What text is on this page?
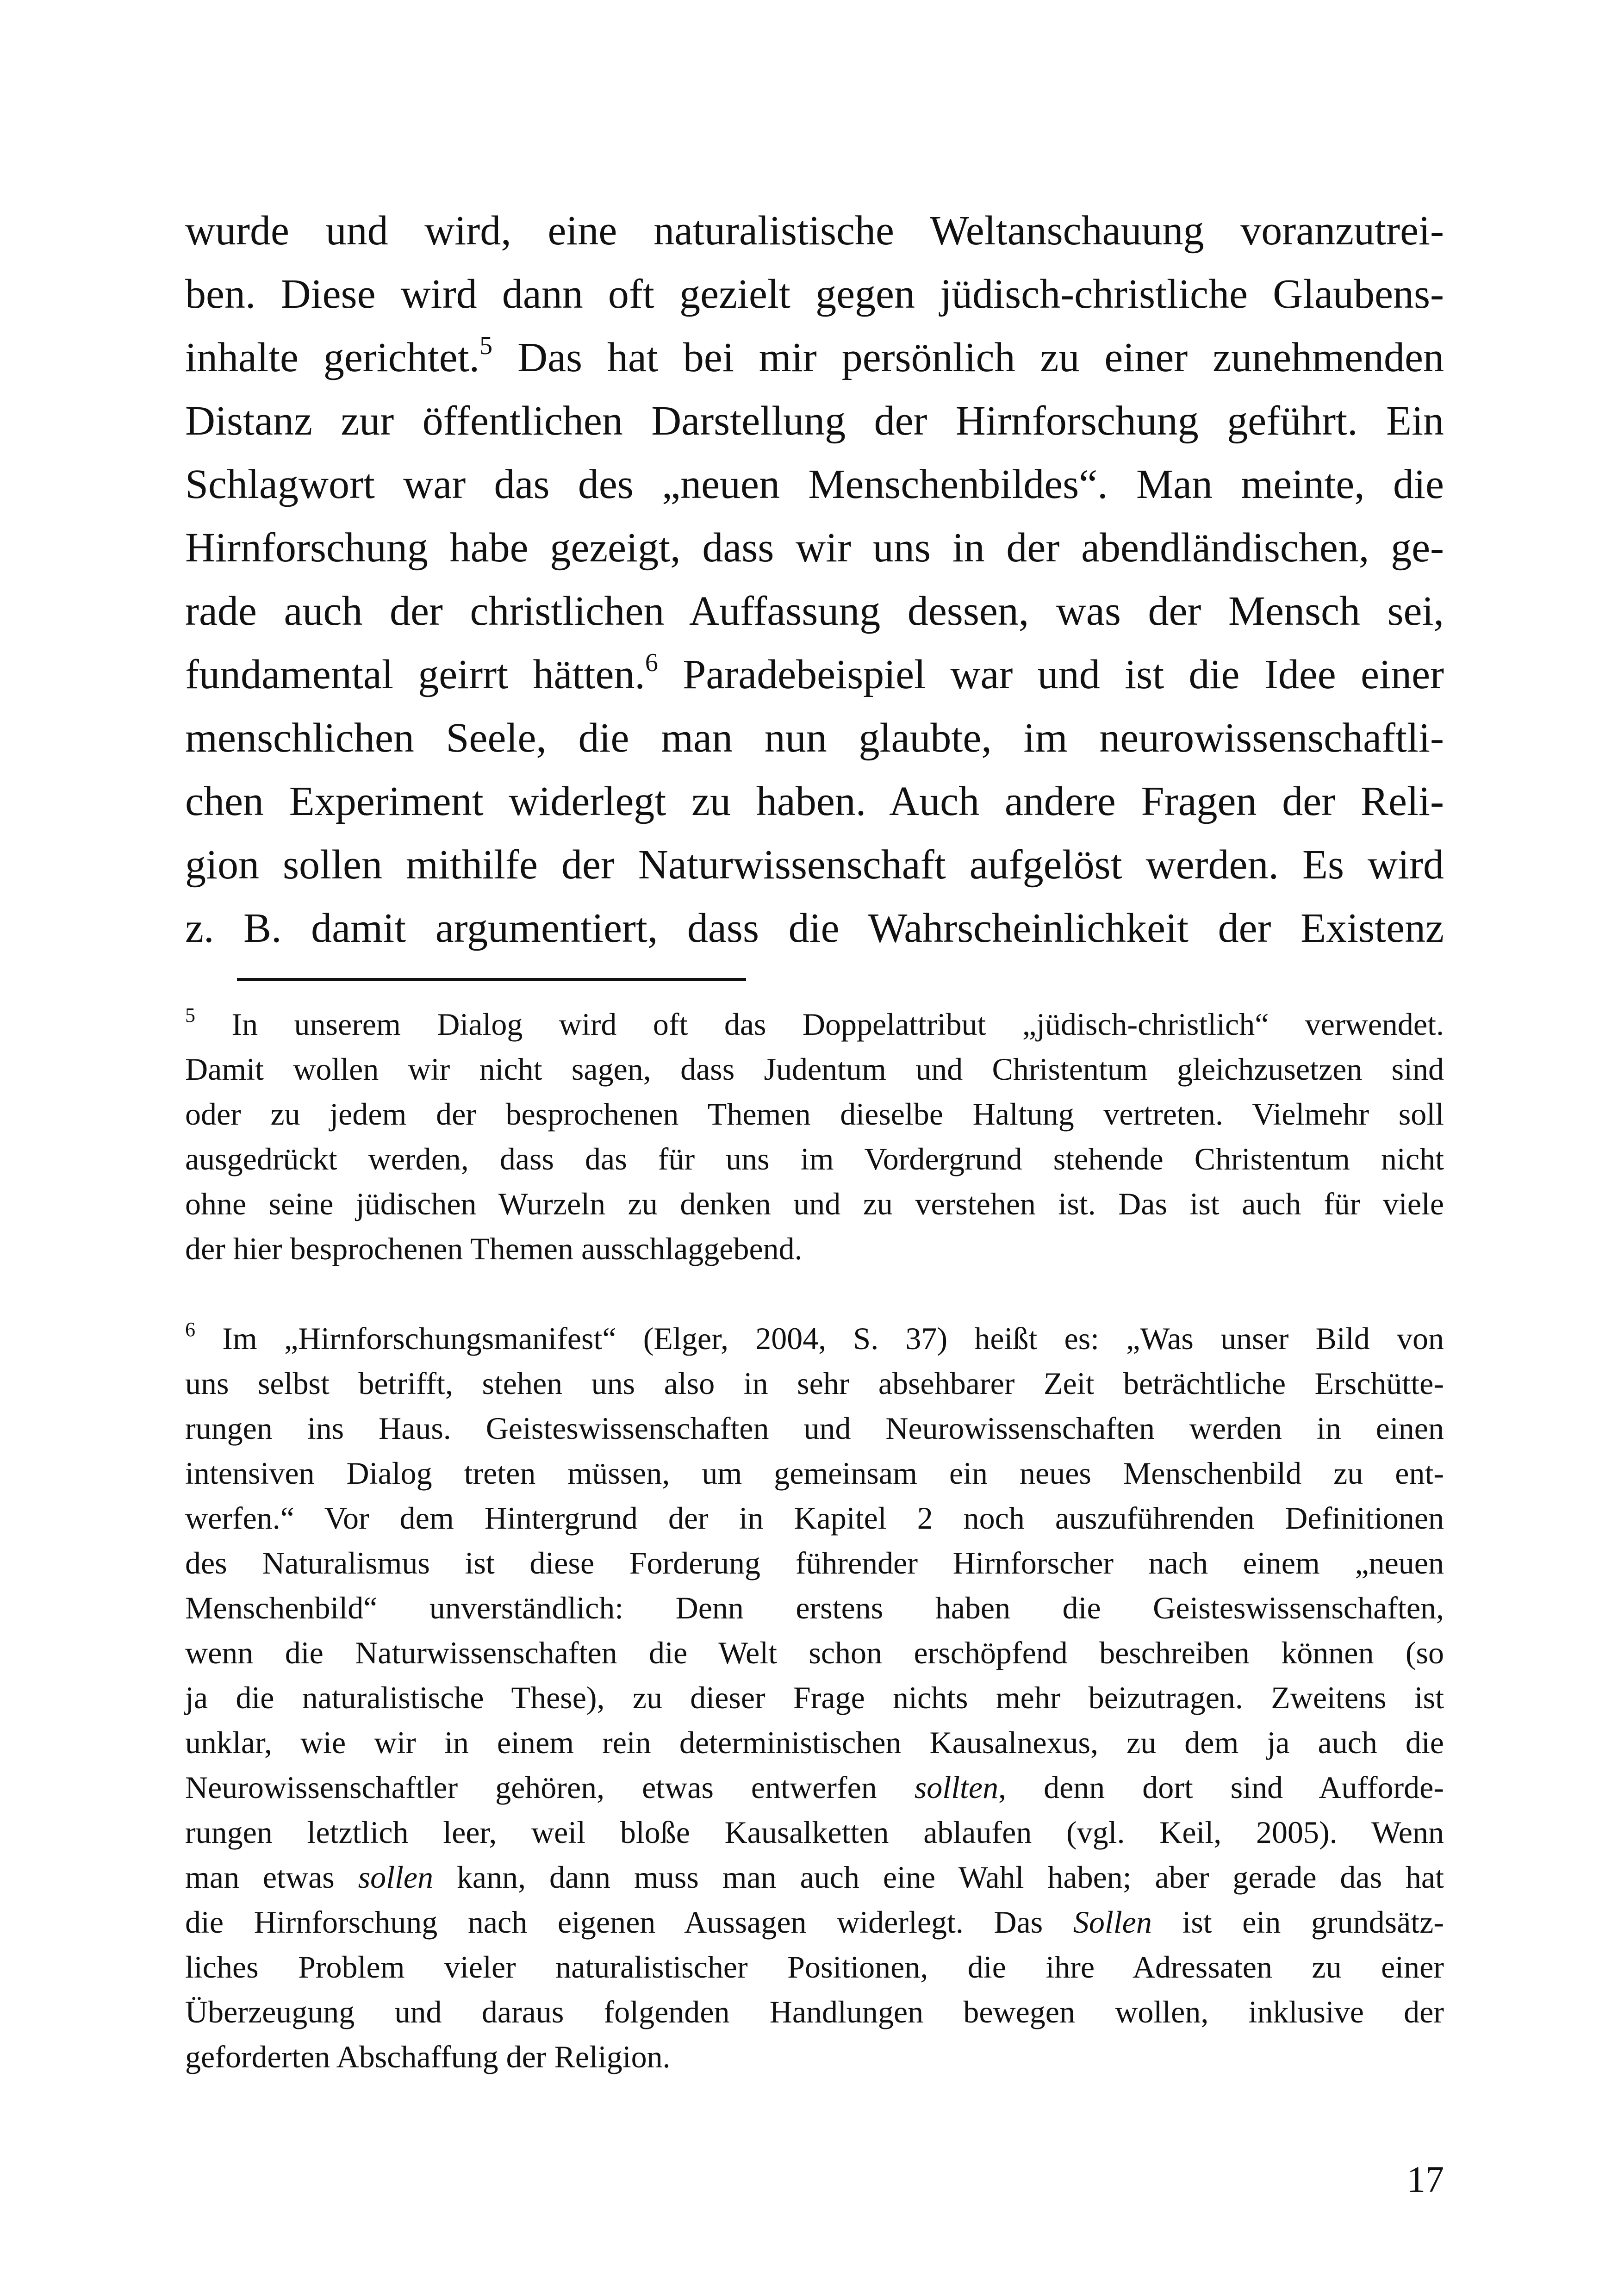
wurde und wird, eine naturalistische Weltanschauung voranzutrei-
ben. Diese wird dann oft gezielt gegen jüdisch-christliche Glaubens-
inhalte gerichtet.$^5$ Das hat bei mir persönlich zu einer zunehmenden
Distanz zur öffentlichen Darstellung der Hirnforschung geführt. Ein
Schlagwort war das des „neuen Menschenbildes“. Man meinte, die
Hirnforschung habe gezeigt, dass wir uns in der abendländischen, ge-
rade auch der christlichen Auffassung dessen, was der Mensch sei,
fundamental geirrt hätten.$^6$ Paradebeispiel war und ist die Idee einer
menschlichen Seele, die man nun glaubte, im neurowissenschaftli-
chen Experiment widerlegt zu haben. Auch andere Fragen der Reli-
gion sollen mithilfe der Naturwissenschaft aufgelöst werden. Es wird
z. B. damit argumentiert, dass die Wahrscheinlichkeit der Existenz
$^5$ In unserem Dialog wird oft das Doppelattribut „jüdisch-christlich“ verwendet.
Damit wollen wir nicht sagen, dass Judentum und Christentum gleichzusetzen sind
oder zu jedem der besprochenen Themen dieselbe Haltung vertreten. Vielmehr soll
ausgedrückt werden, dass das für uns im Vordergrund stehende Christentum nicht
ohne seine jüdischen Wurzeln zu denken und zu verstehen ist. Das ist auch für viele
der hier besprochenen Themen ausschlaggebend.
$^6$ Im „Hirnforschungsmanifest“ (Elger, 2004, S. 37) heißt es: „Was unser Bild von
uns selbst betrifft, stehen uns also in sehr absehbarer Zeit beträchtliche Erschütte-
rungen ins Haus. Geisteswissenschaften und Neurowissenschaften werden in einen
intensiven Dialog treten müssen, um gemeinsam ein neues Menschenbild zu ent-
werfen.“ Vor dem Hintergrund der in Kapitel 2 noch auszuführenden Definitionen
des Naturalismus ist diese Forderung führender Hirnforscher nach einem „neuen
Menschenbild“ unverständlich: Denn erstens haben die Geisteswissenschaften,
wenn die Naturwissenschaften die Welt schon erschöpfend beschreiben können (so
ja die naturalistische These), zu dieser Frage nichts mehr beizutragen. Zweitens ist
unklar, wie wir in einem rein deterministischen Kausalnexus, zu dem ja auch die
Neurowissenschaftler gehören, etwas entwerfen sollten, denn dort sind Aufforde-
rungen letztlich leer, weil bloße Kausalketten ablaufen (vgl. Keil, 2005). Wenn
man etwas sollen kann, dann muss man auch eine Wahl haben; aber gerade das hat
die Hirnforschung nach eigenen Aussagen widerlegt. Das Sollen ist ein grundsätz-
liches Problem vieler naturalistischer Positionen, die ihre Adressaten zu einer
Überzeugung und daraus folgenden Handlungen bewegen wollen, inklusive der
geforderten Abschaffung der Religion.
17
